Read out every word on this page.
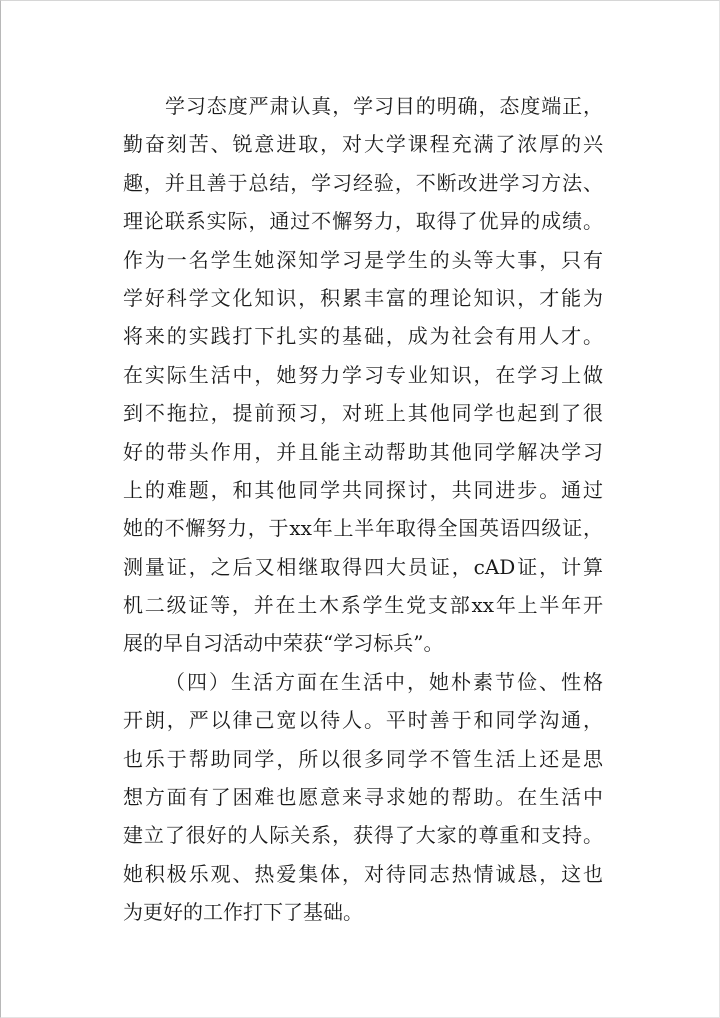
学习态度严肃认真，学习目的明确，态度端正，
勤奋刻苦、锐意进取，对大学课程充满了浓厚的兴
趣，并且善于总结，学习经验，不断改进学习方法、
理论联系实际，通过不懈努力，取得了优异的成绩。
作为一名学生她深知学习是学生的头等大事，只有
学好科学文化知识，积累丰富的理论知识，才能为
将来的实践打下扎实的基础，成为社会有用人才。
在实际生活中，她努力学习专业知识，在学习上做
到不拖拉，提前预习，对班上其他同学也起到了很
好的带头作用，并且能主动帮助其他同学解决学习
上的难题，和其他同学共同探讨，共同进步。通过
她的不懈努力，于xx年上半年取得全国英语四级证，
测量证，之后又相继取得四大员证，cAD证，计算
机二级证等，并在土木系学生党支部xx年上半年开
展的早自习活动中荣获“学习标兵”。
（四）生活方面在生活中，她朴素节俭、性格
开朗，严以律己宽以待人。平时善于和同学沟通，
也乐于帮助同学，所以很多同学不管生活上还是思
想方面有了困难也愿意来寻求她的帮助。在生活中
建立了很好的人际关系，获得了大家的尊重和支持。
她积极乐观、热爱集体，对待同志热情诚恳，这也
为更好的工作打下了基础。
